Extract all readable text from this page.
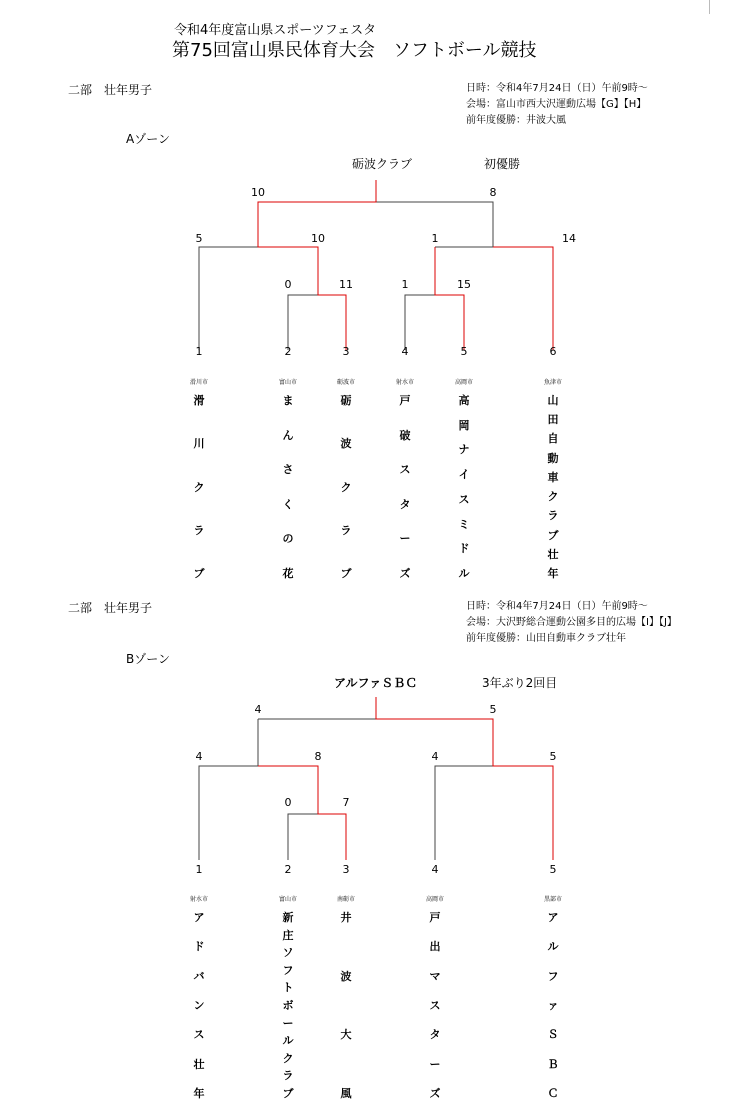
令和4年度富山県スポーツフェスタ
第75回富山県民体育大会　ソフトボール競技
二部　壮年男子	日時：令和4年7月24日（日）午前9時～
会場：富山市西大沢運動広場【G】【H】
前年度優勝：井波大風
Aゾーン
砺波クラブ	初優勝
10	8
5	10	1	14
0	11	1	15
1	2	3	4	5	6
滑川市	富山市	砺波市	射水市	高岡市	魚津市
滑
川
ク
ラ
ブ
ま
ん
さ
く
の
花
砺
波
ク
ラ
ブ
戸
破
ス
タ
ー
ズ
高
岡
ナ
イ
ス
ミ
ド
ル
山
田
自
動
車
ク
ラ
ブ
壮
年
二部　壮年男子	日時：令和4年7月24日（日）午前9時～
会場：大沢野総合運動公園多目的広場【I】【J】
前年度優勝：山田自動車クラブ壮年
Bゾーン
アルファＳＢＣ	3年ぶり2回目
4	5
4	8	4	5
0	7
1	2	3	4	5
射水市	富山市	南砺市	高岡市	黒部市
ア
ド
バ
ン
ス
壮
年
新
庄
ソ
フ
ト
ボ
ー
ル
ク
ラ
ブ
井
波
大
風
戸
出
マ
ス
タ
ー
ズ
ア
ル
フ
ァ
Ｓ
Ｂ
Ｃ
